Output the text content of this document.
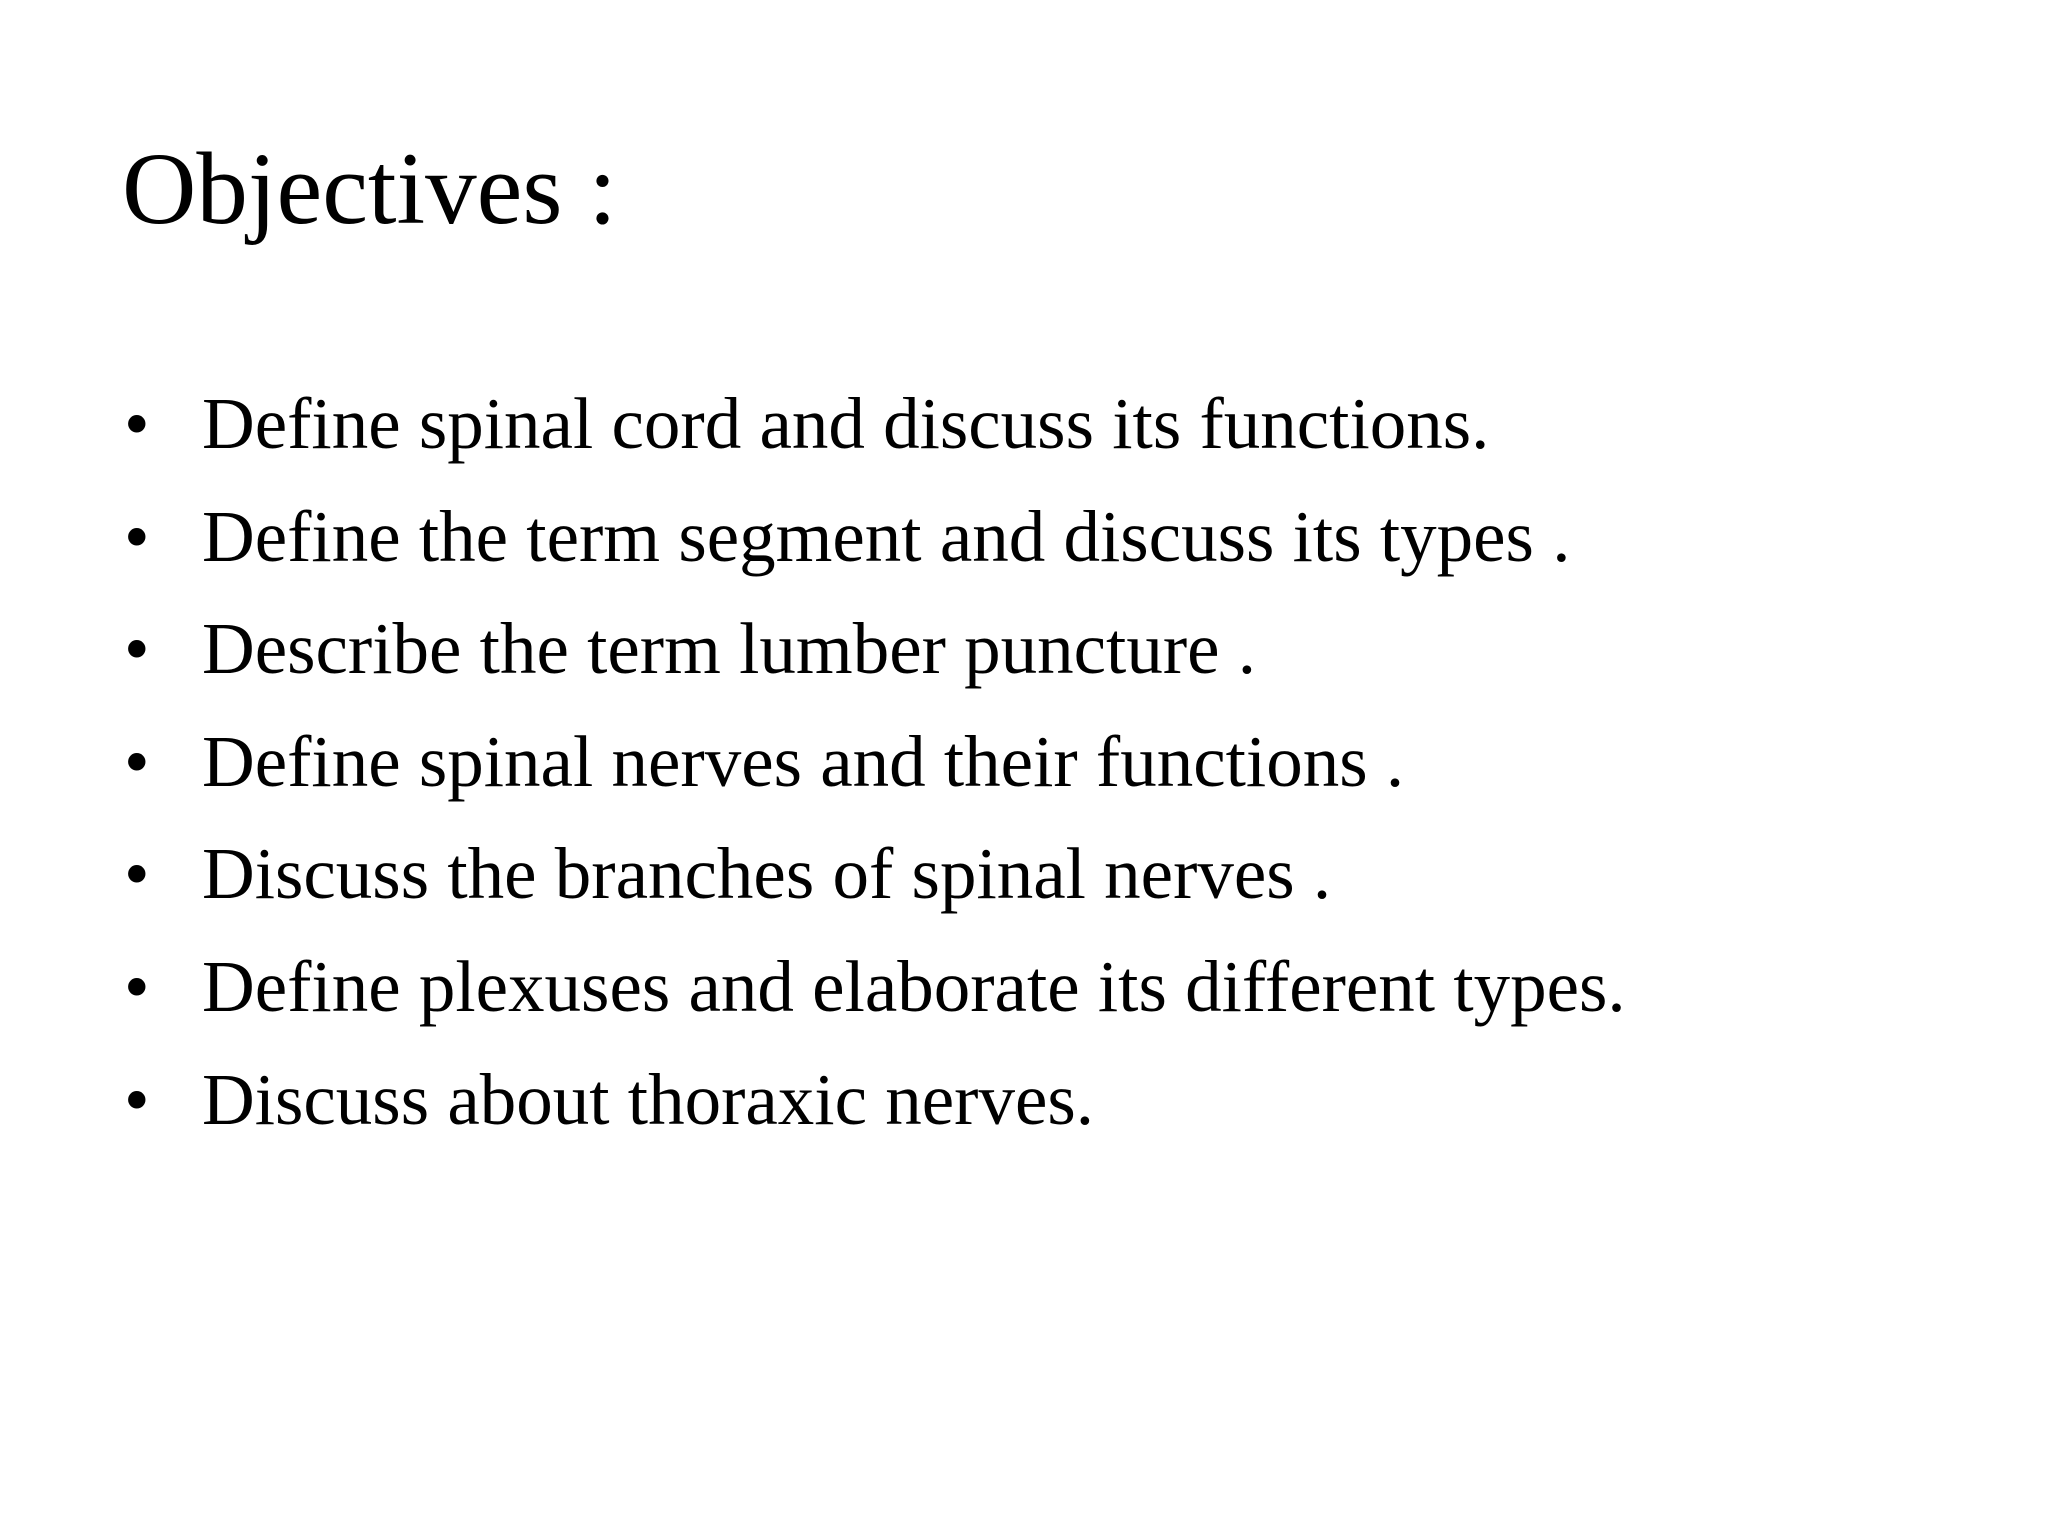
Objectives :
• Define spinal cord and discuss its functions.
• Define the term segment and discuss its types .
• Describe the term lumber puncture .
• Define spinal nerves and their functions .
• Discuss the branches of spinal nerves .
• Define plexuses and elaborate its different types.
• Discuss about thoraxic nerves.
